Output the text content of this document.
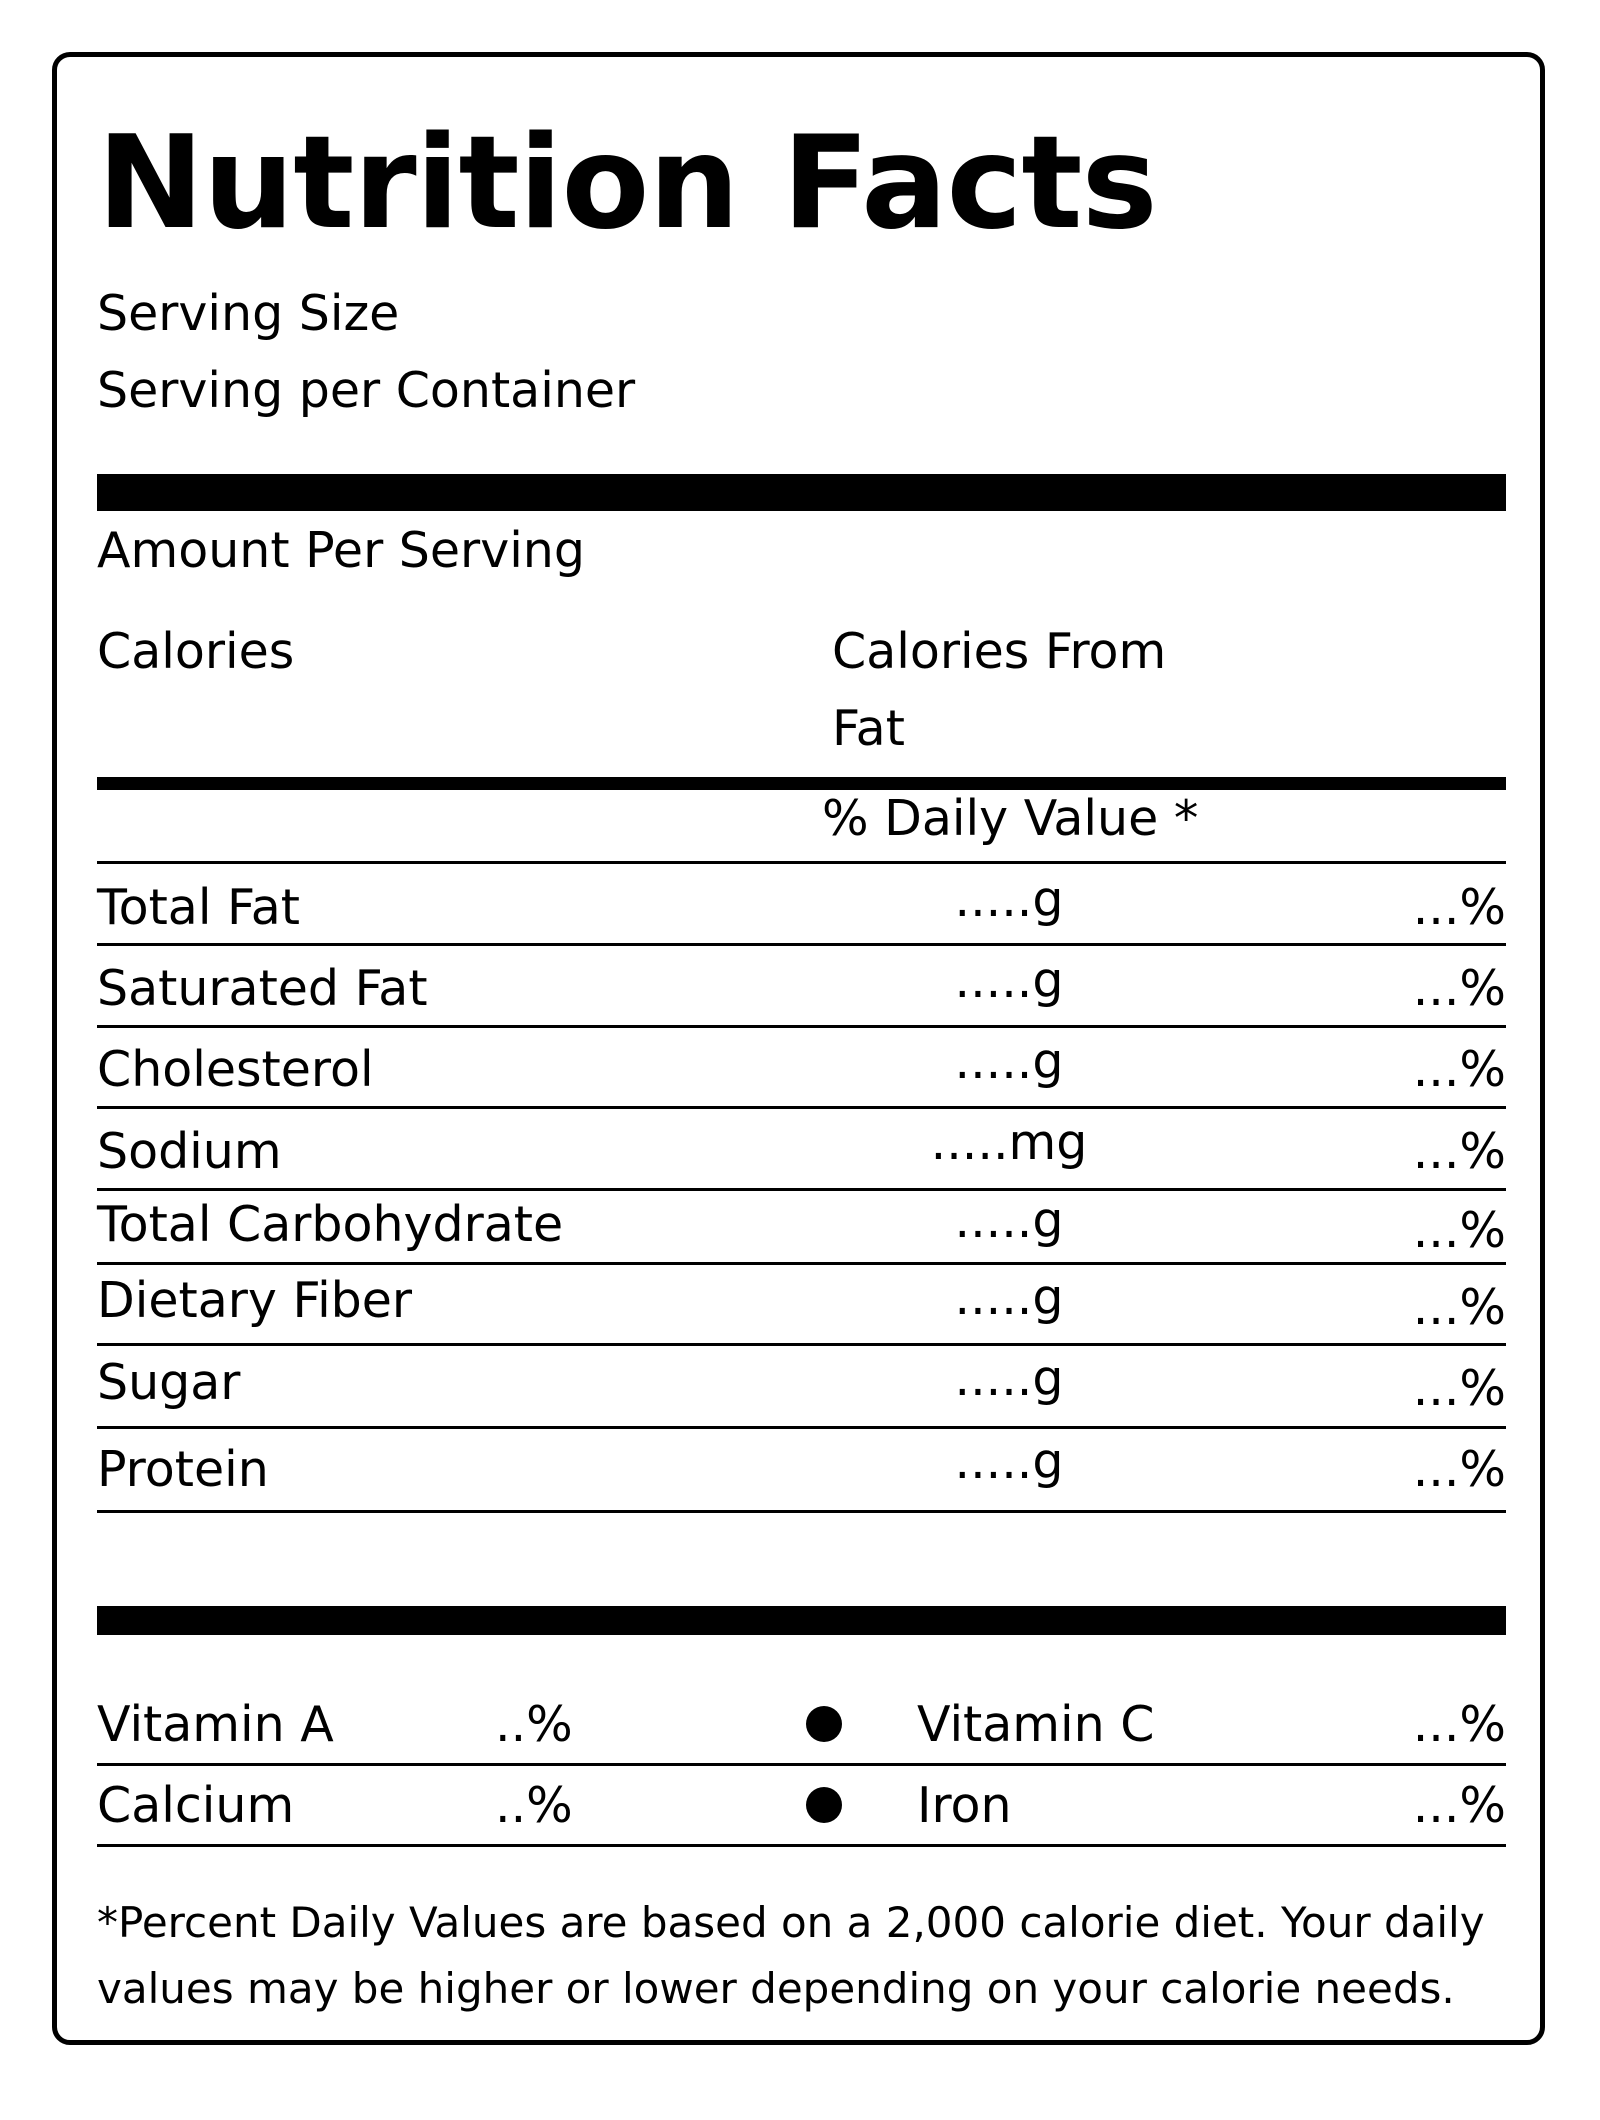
Nutrition Facts
Serving Size
Serving per Container
Amount Per Serving
Calories	Calories From
Fat
% Daily Value *
Total Fat	.....g	...%
Saturated Fat	.....g	...%
Cholesterol	.....g	...%
Sodium	.....mg	...%
Total Carbohydrate	.....g	...%
Dietary Fiber	.....g	...%
Sugar	.....g	...%
Protein	.....g	...%
Vitamin A	..%	Vitamin C	...%
Calcium	..%	Iron	...%
*Percent Daily Values are based on a 2,000 calorie diet. Your daily values may be higher or lower depending on your calorie needs.
